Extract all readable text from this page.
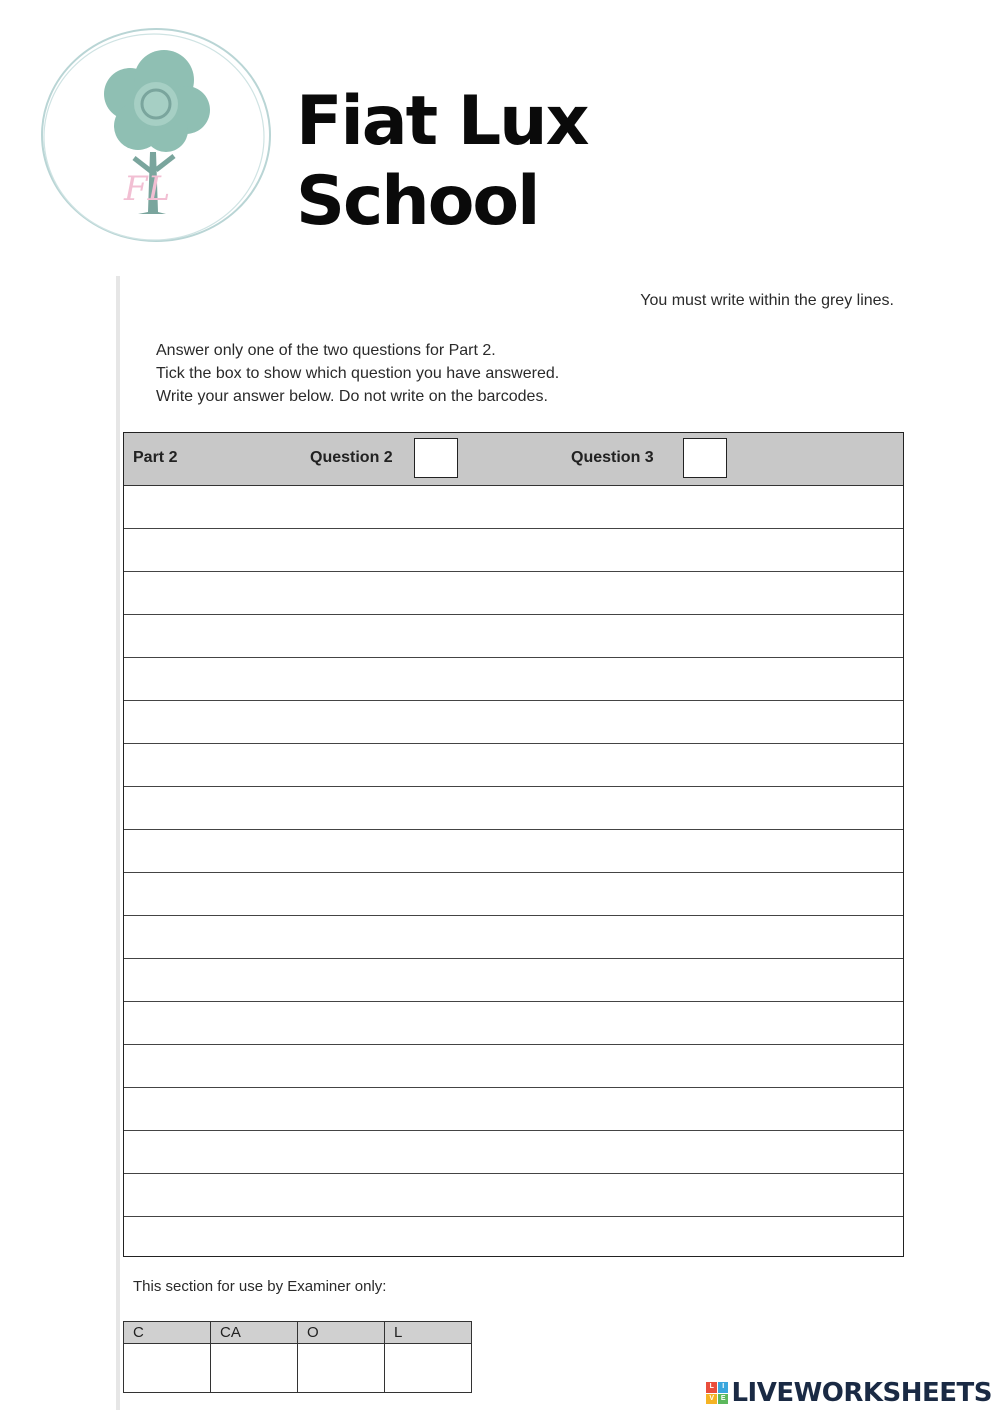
FL
Fiat Lux
School
You must write within the grey lines.
Answer only one of the two questions for Part 2.
Tick the box to show which question you have answered.
Write your answer below. Do not write on the barcodes.
Part 2	Question 2	Question 3
This section for use by Examiner only:
C	CA	O	L

L	I
V E LIVEWORKSHEETS
